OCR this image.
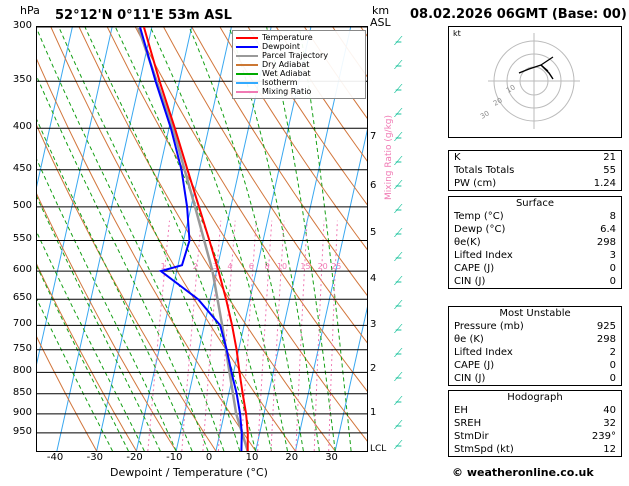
hPa 52°12'N 0°11'E 53m ASL	km
ASL
08.02.2026 06GMT (Base: 00)
300
350
400
450
500
550
600
650
700
750
800
850
900
950
1	2 3 4 6 8 10 15 20 25
Temperature
Dewpoint
Parcel Trajectory
Dry Adiabat
Wet Adiabat
Isotherm
Mixing Ratio
-40 -30 -20 -10 0	10	20	30
Dewpoint / Temperature (°C)
LCL
1
2
3
4
5
6
7 Mixing Ratio (g/kg)
⟋̶
⟋̶
⟋̶
⟋̶
⟋̶
⟋̶
⟋̶
⟋̶
⟋̶
⟋̶
⟋̶
⟋̶
⟋̶
⟋̶
⟋̶
⟋̶
⟋̶
⟋̶
kt
10
20
30
K	21
Totals Totals	55
PW (cm)	1.24
Surface
Temp (°C)	8
Dewp (°C)	6.4
θe(K)	298
Lifted Index	3
CAPE (J)	0
CIN (J)	0
Most Unstable
Pressure (mb)	925
θe (K)	298
Lifted Index	2
CAPE (J)	0
CIN (J)	0
Hodograph
EH	40
SREH	32
StmDir	239°
StmSpd (kt)	12
© weatheronline.co.uk
